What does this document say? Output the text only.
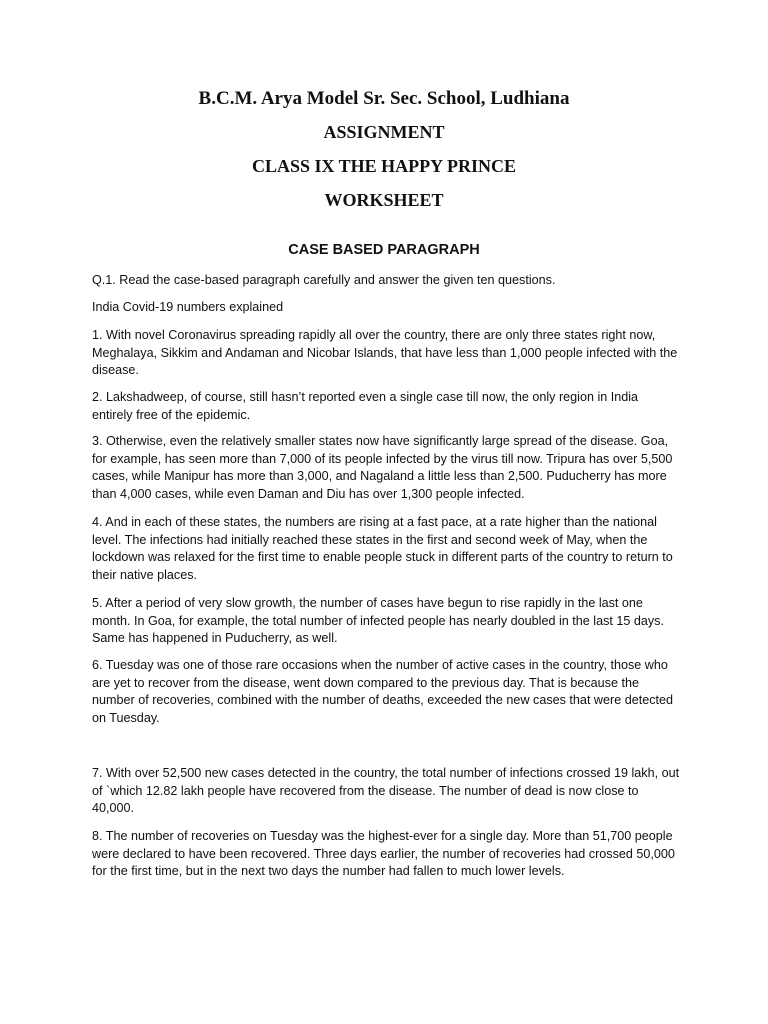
B.C.M. Arya Model Sr. Sec. School, Ludhiana
ASSIGNMENT
CLASS IX THE HAPPY PRINCE
WORKSHEET
CASE BASED PARAGRAPH

Q.1. Read the case-based paragraph carefully and answer the given ten questions.

India Covid-19 numbers explained

1. With novel Coronavirus spreading rapidly all over the country, there are only three states right now, Meghalaya, Sikkim and Andaman and Nicobar Islands, that have less than 1,000 people infected with the disease.

2. Lakshadweep, of course, still hasn’t reported even a single case till now, the only region in India entirely free of the epidemic.

3. Otherwise, even the relatively smaller states now have significantly large spread of the disease. Goa, for example, has seen more than 7,000 of its people infected by the virus till now. Tripura has over 5,500 cases, while Manipur has more than 3,000, and Nagaland a little less than 2,500. Puducherry has more than 4,000 cases, while even Daman and Diu has over 1,300 people infected.

4. And in each of these states, the numbers are rising at a fast pace, at a rate higher than the national level. The infections had initially reached these states in the first and second week of May, when the lockdown was relaxed for the first time to enable people stuck in different parts of the country to return to their native places.

5. After a period of very slow growth, the number of cases have begun to rise rapidly in the last one month. In Goa, for example, the total number of infected people has nearly doubled in the last 15 days. Same has happened in Puducherry, as well.

6. Tuesday was one of those rare occasions when the number of active cases in the country, those who are yet to recover from the disease, went down compared to the previous day. That is because the number of recoveries, combined with the number of deaths, exceeded the new cases that were detected on Tuesday.

7. With over 52,500 new cases detected in the country, the total number of infections crossed 19 lakh, out of `which 12.82 lakh people have recovered from the disease. The number of dead is now close to 40,000.

8. The number of recoveries on Tuesday was the highest-ever for a single day. More than 51,700 people were declared to have been recovered. Three days earlier, the number of recoveries had crossed 50,000 for the first time, but in the next two days the number had fallen to much lower levels.
